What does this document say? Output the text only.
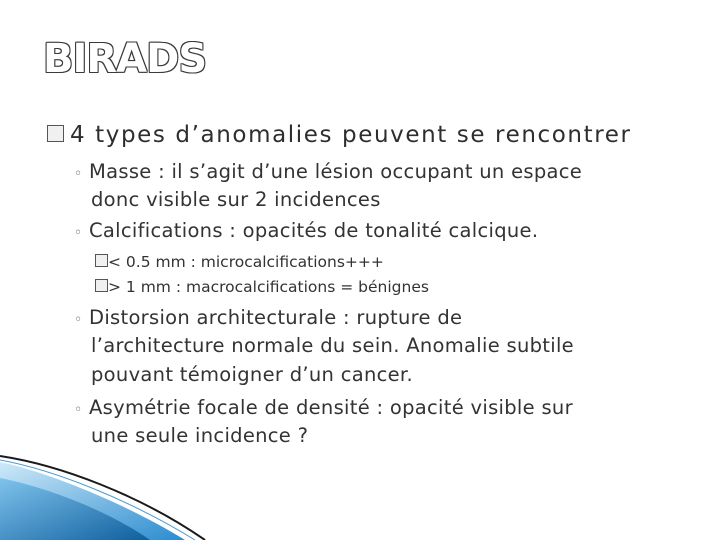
BIRADS
4 types d’anomalies peuvent se rencontrer
◦ Masse : il s’agit d’une lésion occupant un espace
donc visible sur 2 incidences
◦ Calcifications : opacités de tonalité calcique.
< 0.5 mm : microcalcifications+++
> 1 mm : macrocalcifications = bénignes
◦ Distorsion architecturale : rupture de
l’architecture normale du sein. Anomalie subtile
pouvant témoigner d’un cancer.
◦ Asymétrie focale de densité : opacité visible sur
une seule incidence ?
